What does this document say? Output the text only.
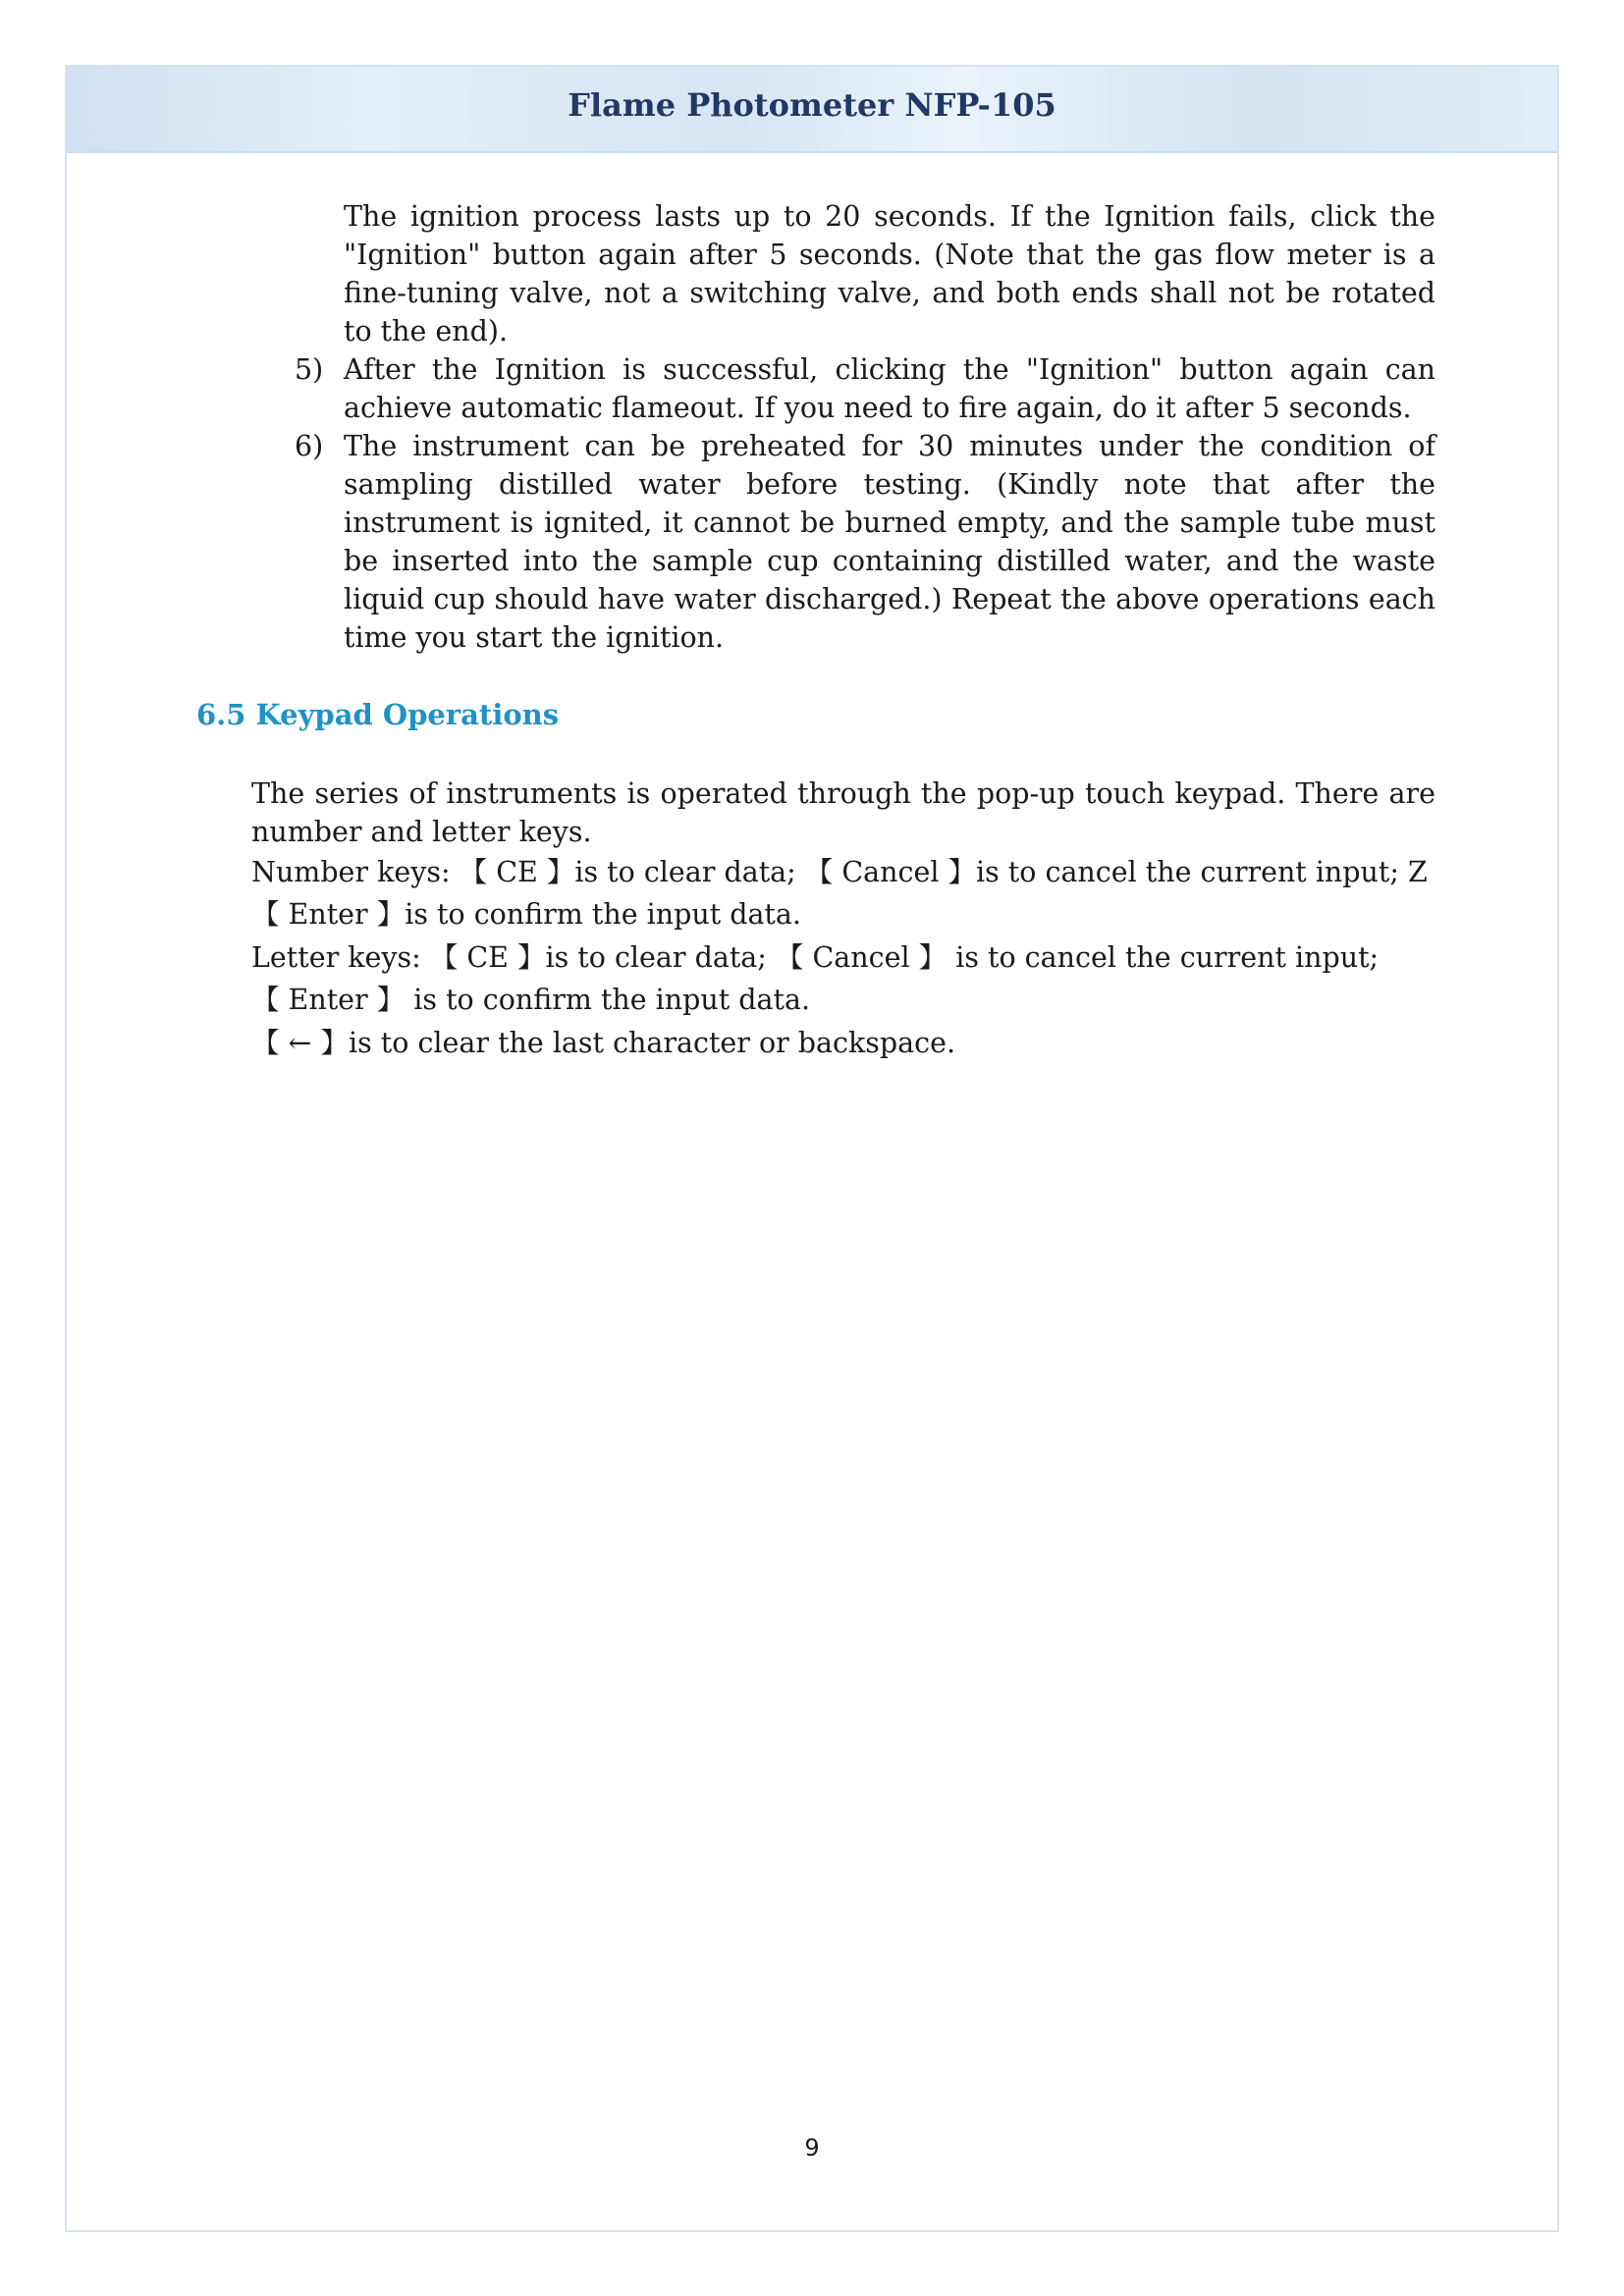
Flame Photometer NFP-105
The ignition process lasts up to 20 seconds. If the Ignition fails, click the "Ignition" button again after 5 seconds. (Note that the gas flow meter is a fine-tuning valve, not a switching valve, and both ends shall not be rotated to the end).
5) After the Ignition is successful, clicking the "Ignition" button again can achieve automatic flameout. If you need to fire again, do it after 5 seconds.
6) The instrument can be preheated for 30 minutes under the condition of sampling distilled water before testing. (Kindly note that after the instrument is ignited, it cannot be burned empty, and the sample tube must be inserted into the sample cup containing distilled water, and the waste liquid cup should have water discharged.) Repeat the above operations each time you start the ignition.
6.5 Keypad Operations
The series of instruments is operated through the pop-up touch keypad. There are number and letter keys.
Number keys: 【 CE 】is to clear data; 【 Cancel 】is to cancel the current input; Z
【 Enter 】is to confirm the input data.
Letter keys: 【 CE 】is to clear data; 【 Cancel 】 is to cancel the current input;
【 Enter 】 is to confirm the input data.
【 ← 】is to clear the last character or backspace.
9
